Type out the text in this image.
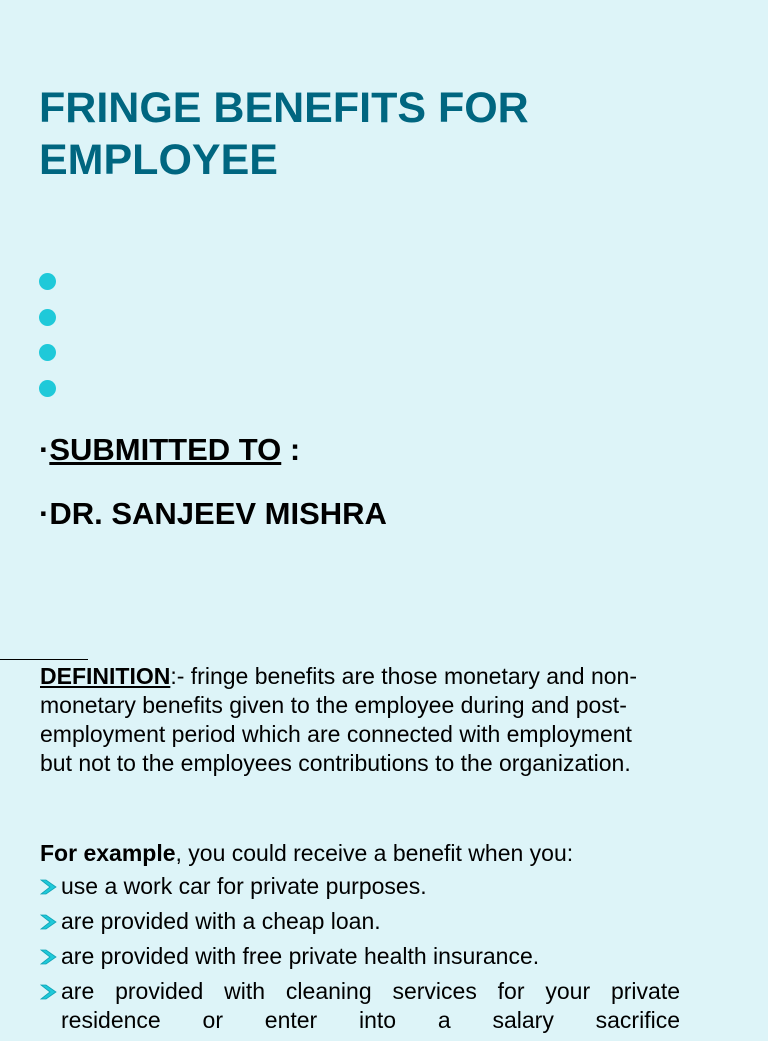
FRINGE BENEFITS FOR
EMPLOYEE
·SUBMITTED TO :
·DR. SANJEEV MISHRA

DEFINITION:- fringe benefits are those monetary and non-
monetary benefits given to the employee during and post-
employment period which are connected with employment
but not to the employees contributions to the organization.

For example, you could receive a benefit when you:
use a work car for private purposes.
are provided with a cheap loan.
are provided with free private health insurance.
are provided with cleaning services for your private
residence or enter into a salary sacrifice
